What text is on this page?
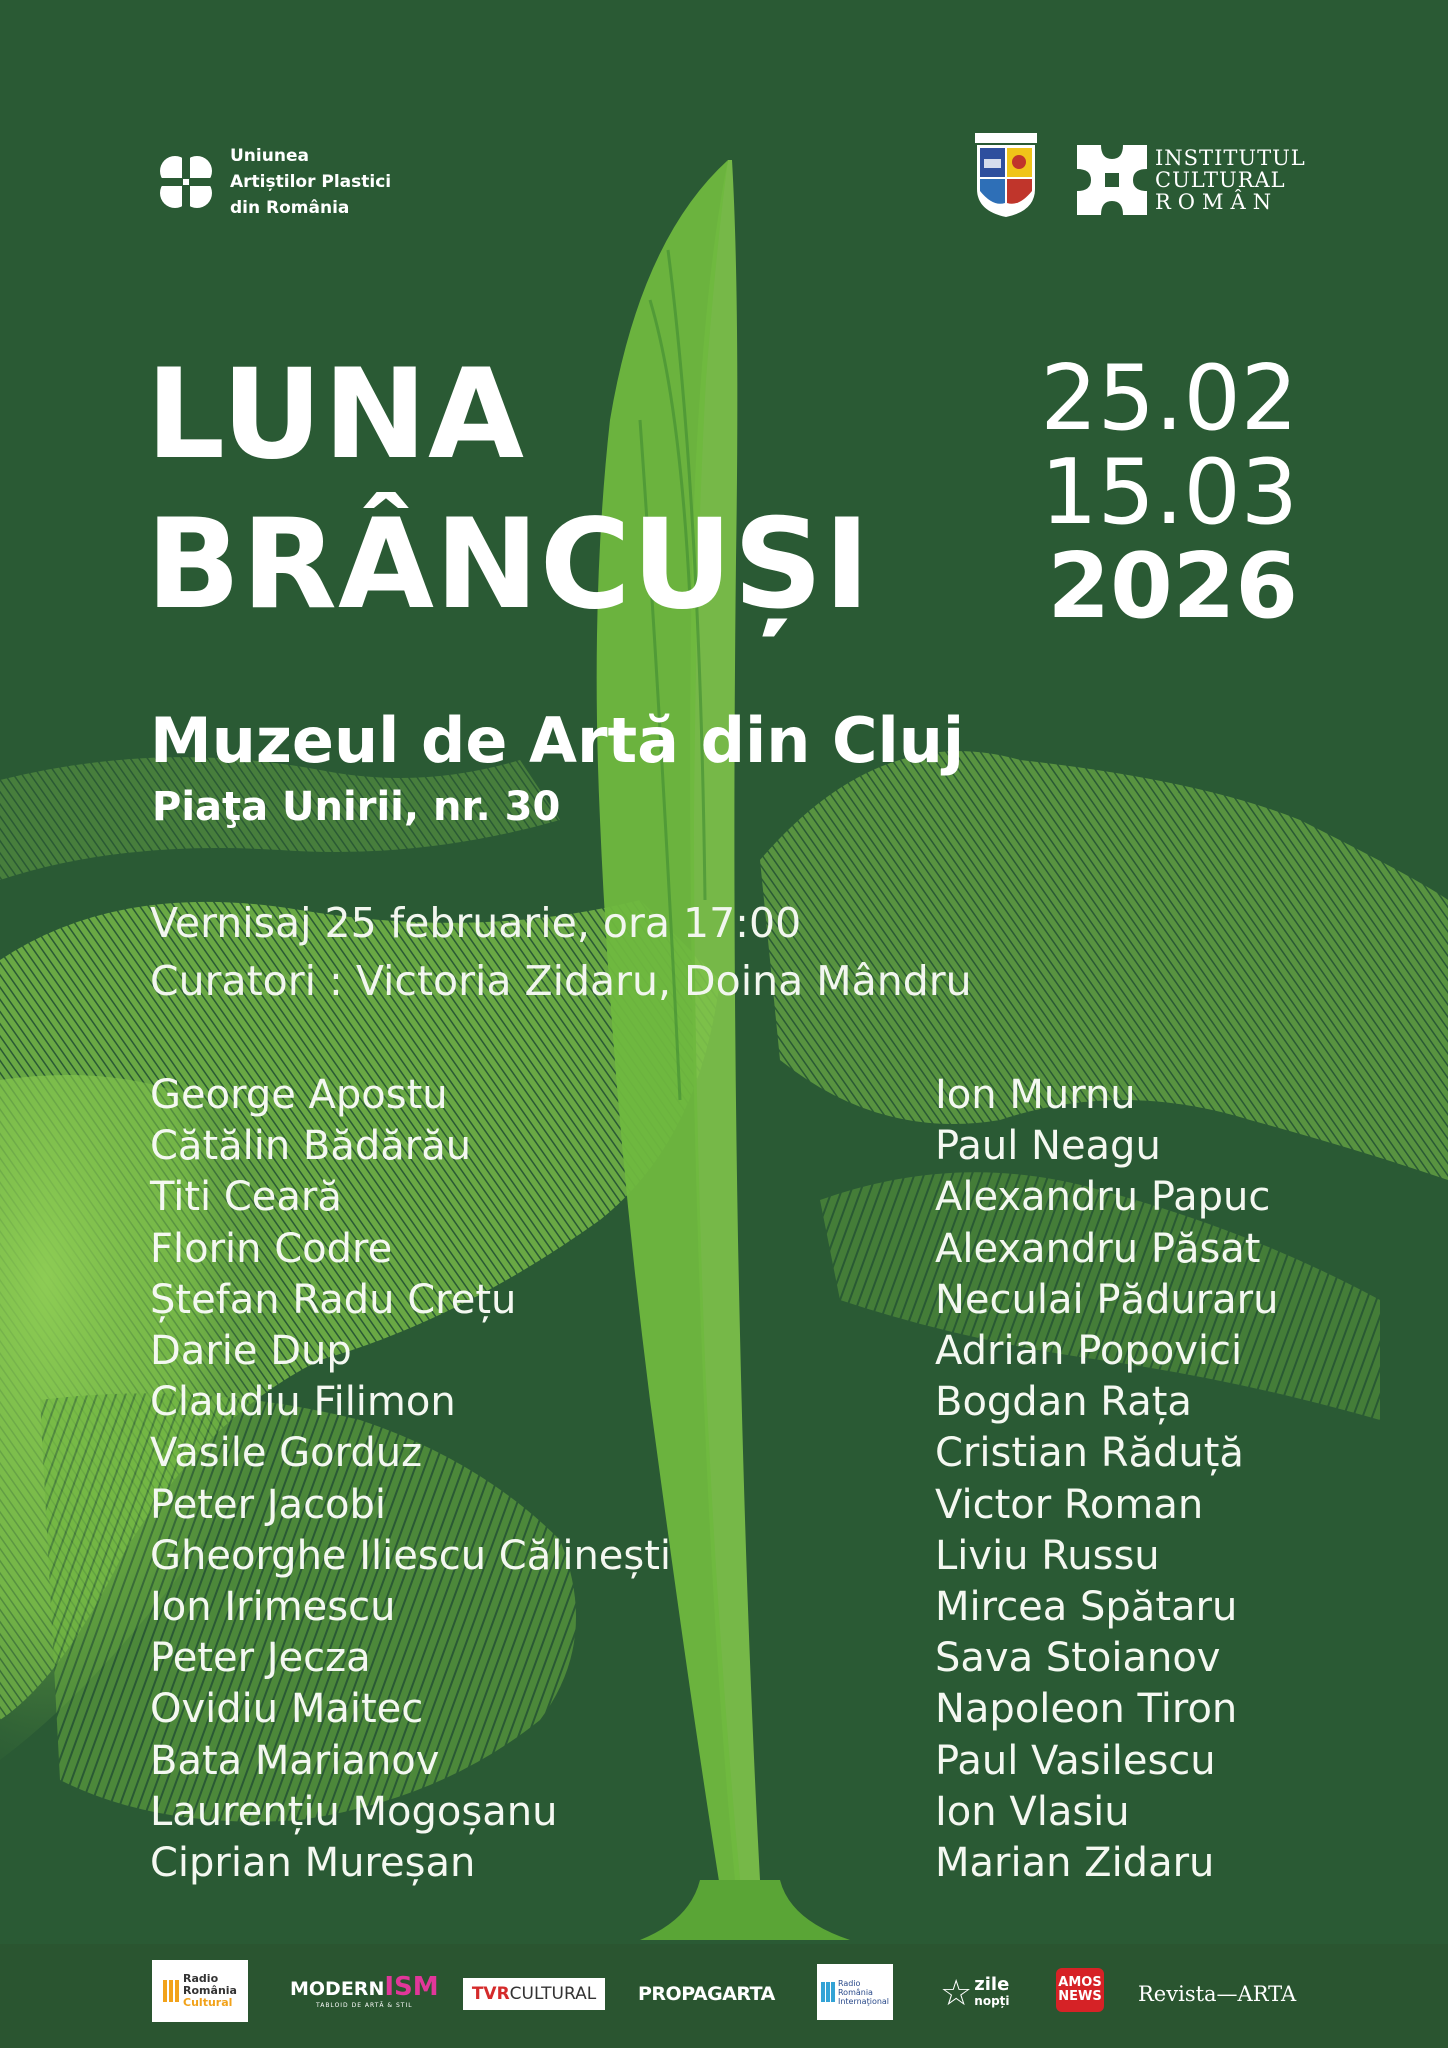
Uniunea
Artiștilor Plastici
din România
INSTITUTUL
CULTURAL
ROMÂN
LUNA
BRÂNCUȘI
25.02
15.03
2026
Muzeul de Artă din Cluj
Piaţa Unirii, nr. 30
Vernisaj 25 februarie, ora 17:00
Curatori : Victoria Zidaru, Doina Mândru
George Apostu
Cătălin Bădărău
Titi Ceară
Florin Codre
Ștefan Radu Crețu
Darie Dup
Claudiu Filimon
Vasile Gorduz
Peter Jacobi
Gheorghe Iliescu Călinești
Ion Irimescu
Peter Jecza
Ovidiu Maitec
Bata Marianov
Laurențiu Mogoșanu
Ciprian Mureșan
Ion Murnu
Paul Neagu
Alexandru Papuc
Alexandru Păsat
Neculai Păduraru
Adrian Popovici
Bogdan Rața
Cristian Răduță
Victor Roman
Liviu Russu
Mircea Spătaru
Sava Stoianov
Napoleon Tiron
Paul Vasilescu
Ion Vlasiu
Marian Zidaru
Radio
România
Cultural
MODERNISM
TABLOID DE ARTĂ & STIL
TVR CULTURAL PROPAGARTA	Radio
România
Internaţional ☆ zile
nopți
AMOS
NEWS Revista—ARTA
